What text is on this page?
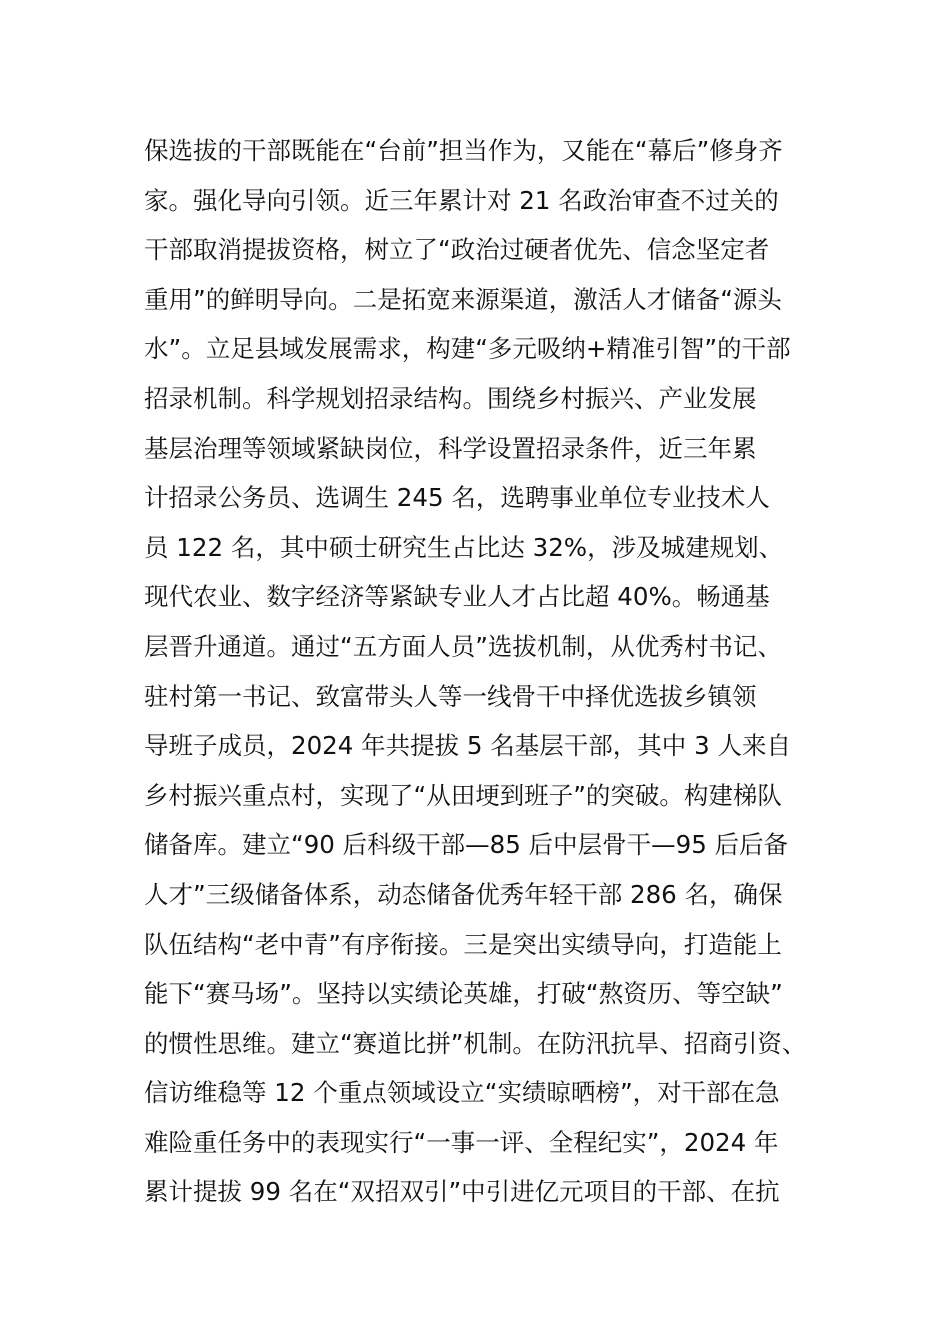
保选拔的干部既能在“台前”担当作为，又能在“幕后”修身齐
家。强化导向引领。近三年累计对 21 名政治审查不过关的
干部取消提拔资格，树立了“政治过硬者优先、信念坚定者
重用”的鲜明导向。二是拓宽来源渠道，激活人才储备“源头
水”。立足县域发展需求，构建“多元吸纳+精准引智”的干部
招录机制。科学规划招录结构。围绕乡村振兴、产业发展
基层治理等领域紧缺岗位，科学设置招录条件，近三年累
计招录公务员、选调生 245 名，选聘事业单位专业技术人
员 122 名，其中硕士研究生占比达 32%，涉及城建规划、
现代农业、数字经济等紧缺专业人才占比超 40%。畅通基
层晋升通道。通过“五方面人员”选拔机制，从优秀村书记、
驻村第一书记、致富带头人等一线骨干中择优选拔乡镇领
导班子成员，2024 年共提拔 5 名基层干部，其中 3 人来自
乡村振兴重点村，实现了“从田埂到班子”的突破。构建梯队
储备库。建立“90 后科级干部—85 后中层骨干—95 后后备
人才”三级储备体系，动态储备优秀年轻干部 286 名，确保
队伍结构“老中青”有序衔接。三是突出实绩导向，打造能上
能下“赛马场”。坚持以实绩论英雄，打破“熬资历、等空缺”
的惯性思维。建立“赛道比拼”机制。在防汛抗旱、招商引资、
信访维稳等 12 个重点领域设立“实绩晾晒榜”，对干部在急
难险重任务中的表现实行“一事一评、全程纪实”，2024 年
累计提拔 99 名在“双招双引”中引进亿元项目的干部、在抗
